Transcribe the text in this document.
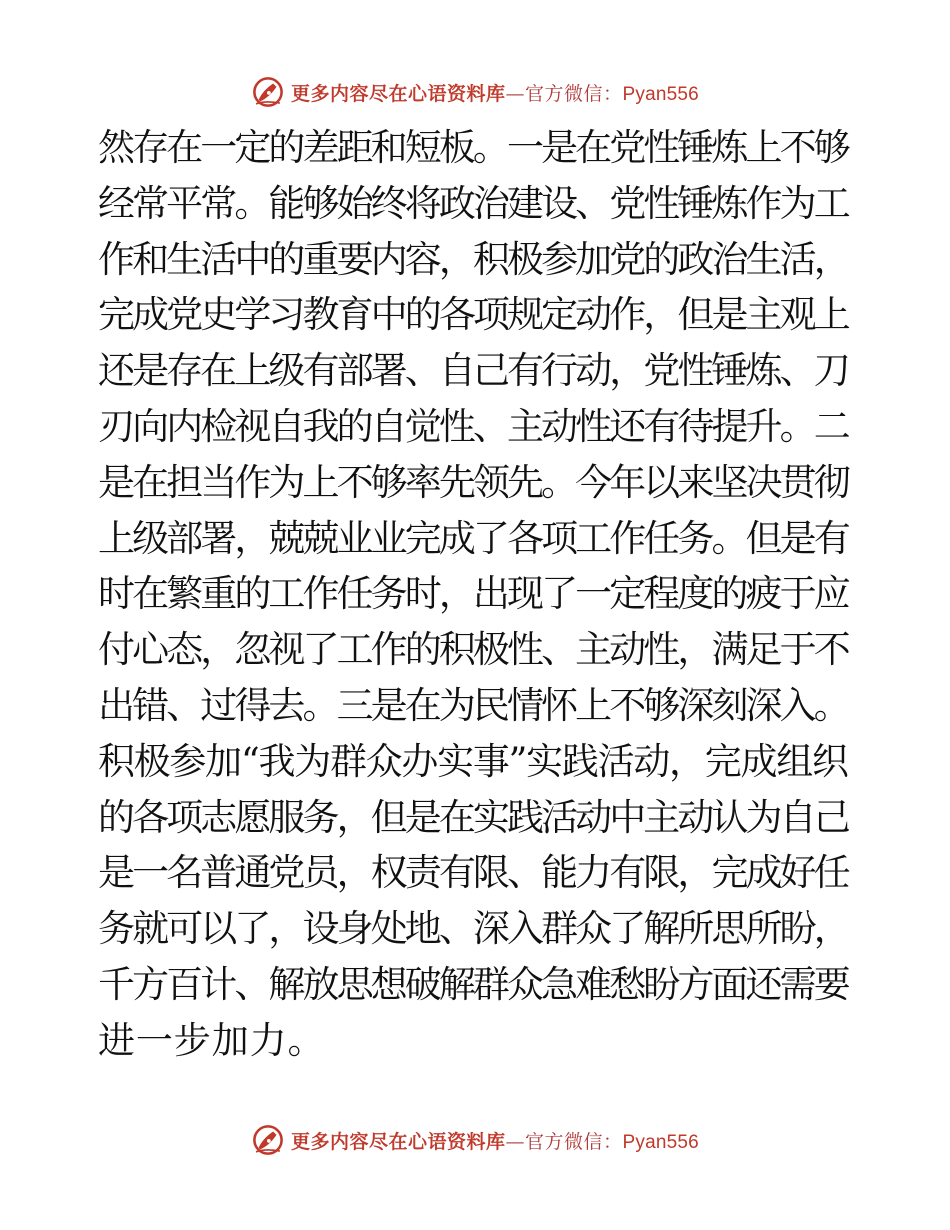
更多内容尽在心语资料库—官方微信：Pyan556
然存在一定的差距和短板。一是在党性锤炼上不够
经常平常。能够始终将政治建设、党性锤炼作为工
作和生活中的重要内容，积极参加党的政治生活，
完成党史学习教育中的各项规定动作，但是主观上
还是存在上级有部署、自己有行动，党性锤炼、刀
刃向内检视自我的自觉性、主动性还有待提升。二
是在担当作为上不够率先领先。今年以来坚决贯彻
上级部署，兢兢业业完成了各项工作任务。但是有
时在繁重的工作任务时，出现了一定程度的疲于应
付心态，忽视了工作的积极性、主动性，满足于不
出错、过得去。三是在为民情怀上不够深刻深入。
积极参加“我为群众办实事”实践活动，完成组织
的各项志愿服务，但是在实践活动中主动认为自己
是一名普通党员，权责有限、能力有限，完成好任
务就可以了，设身处地、深入群众了解所思所盼，
千方百计、解放思想破解群众急难愁盼方面还需要
进一步加力。
更多内容尽在心语资料库—官方微信：Pyan556
